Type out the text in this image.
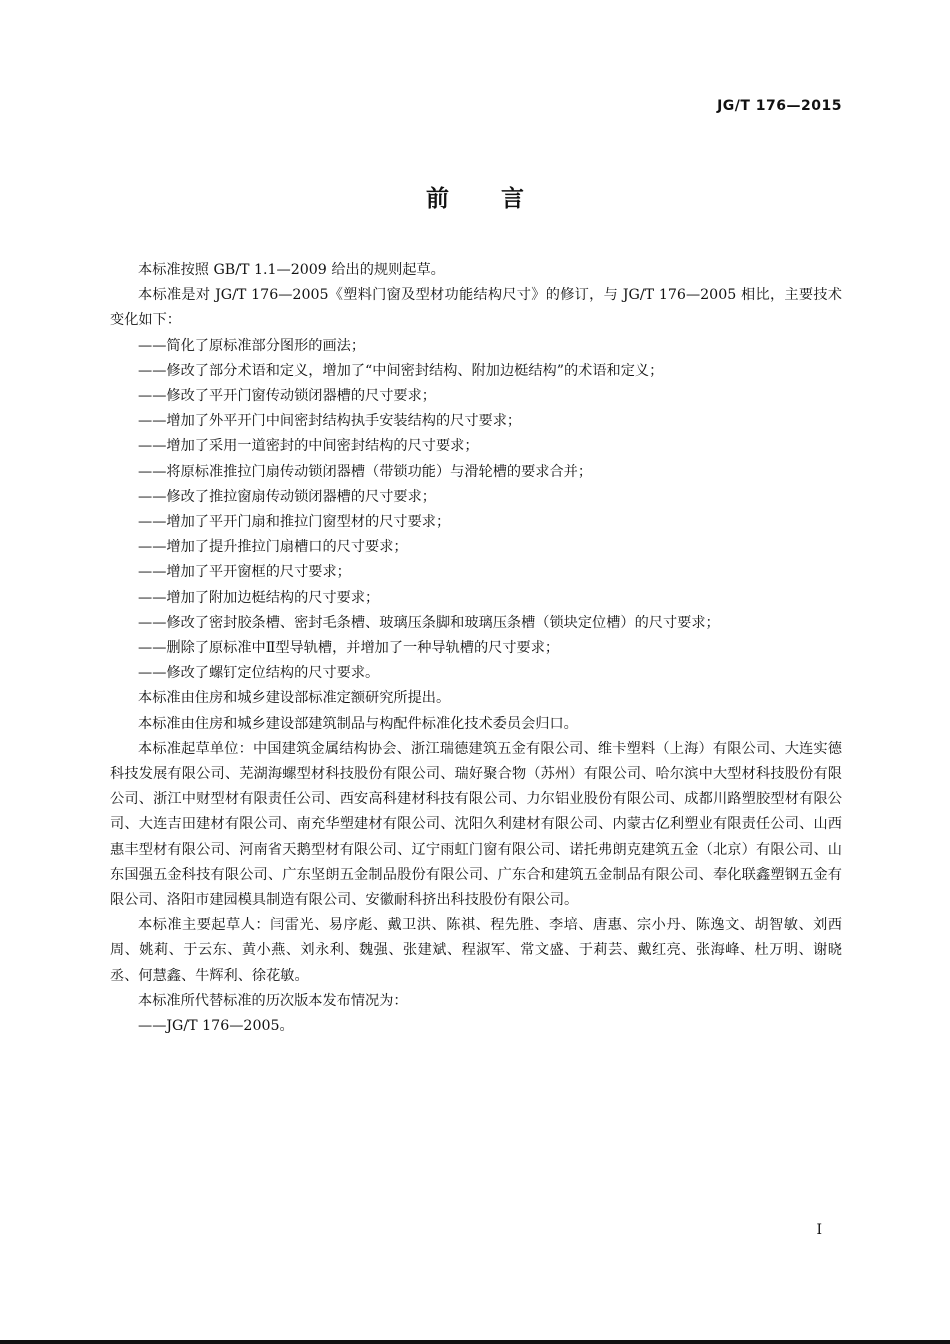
JG/T 176—2015
前言

本标准按照 GB/T 1.1—2009 给出的规则起草。

本标准是对 JG/T 176—2005《塑料门窗及型材功能结构尺寸》的修订，与 JG/T 176—2005 相比，主要技术变化如下：

——简化了原标准部分图形的画法；

——修改了部分术语和定义，增加了“中间密封结构、附加边梃结构”的术语和定义；

——修改了平开门窗传动锁闭器槽的尺寸要求；

——增加了外平开门中间密封结构执手安装结构的尺寸要求；

——增加了采用一道密封的中间密封结构的尺寸要求；

——将原标准推拉门扇传动锁闭器槽（带锁功能）与滑轮槽的要求合并；

——修改了推拉窗扇传动锁闭器槽的尺寸要求；

——增加了平开门扇和推拉门窗型材的尺寸要求；

——增加了提升推拉门扇槽口的尺寸要求；

——增加了平开窗框的尺寸要求；

——增加了附加边梃结构的尺寸要求；

——修改了密封胶条槽、密封毛条槽、玻璃压条脚和玻璃压条槽（锁块定位槽）的尺寸要求；

——删除了原标准中Ⅱ型导轨槽，并增加了一种导轨槽的尺寸要求；

——修改了螺钉定位结构的尺寸要求。

本标准由住房和城乡建设部标准定额研究所提出。

本标准由住房和城乡建设部建筑制品与构配件标准化技术委员会归口。

本标准起草单位：中国建筑金属结构协会、浙江瑞德建筑五金有限公司、维卡塑料（上海）有限公司、大连实德科技发展有限公司、芜湖海螺型材科技股份有限公司、瑞好聚合物（苏州）有限公司、哈尔滨中大型材科技股份有限公司、浙江中财型材有限责任公司、西安高科建材科技有限公司、力尔铝业股份有限公司、成都川路塑胶型材有限公司、大连吉田建材有限公司、南充华塑建材有限公司、沈阳久利建材有限公司、内蒙古亿利塑业有限责任公司、山西惠丰型材有限公司、河南省天鹅型材有限公司、辽宁雨虹门窗有限公司、诺托弗朗克建筑五金（北京）有限公司、山东国强五金科技有限公司、广东坚朗五金制品股份有限公司、广东合和建筑五金制品有限公司、奉化联鑫塑钢五金有限公司、洛阳市建园模具制造有限公司、安徽耐科挤出科技股份有限公司。

本标准主要起草人：闫雷光、易序彪、戴卫洪、陈祺、程先胜、李培、唐惠、宗小丹、陈逸文、胡智敏、刘西周、姚莉、于云东、黄小燕、刘永利、魏强、张建斌、程淑军、常文盛、于莉芸、戴红亮、张海峰、杜万明、谢晓丞、何慧鑫、牛辉利、徐花敏。

本标准所代替标准的历次版本发布情况为：

——JG/T 176—2005。

I
